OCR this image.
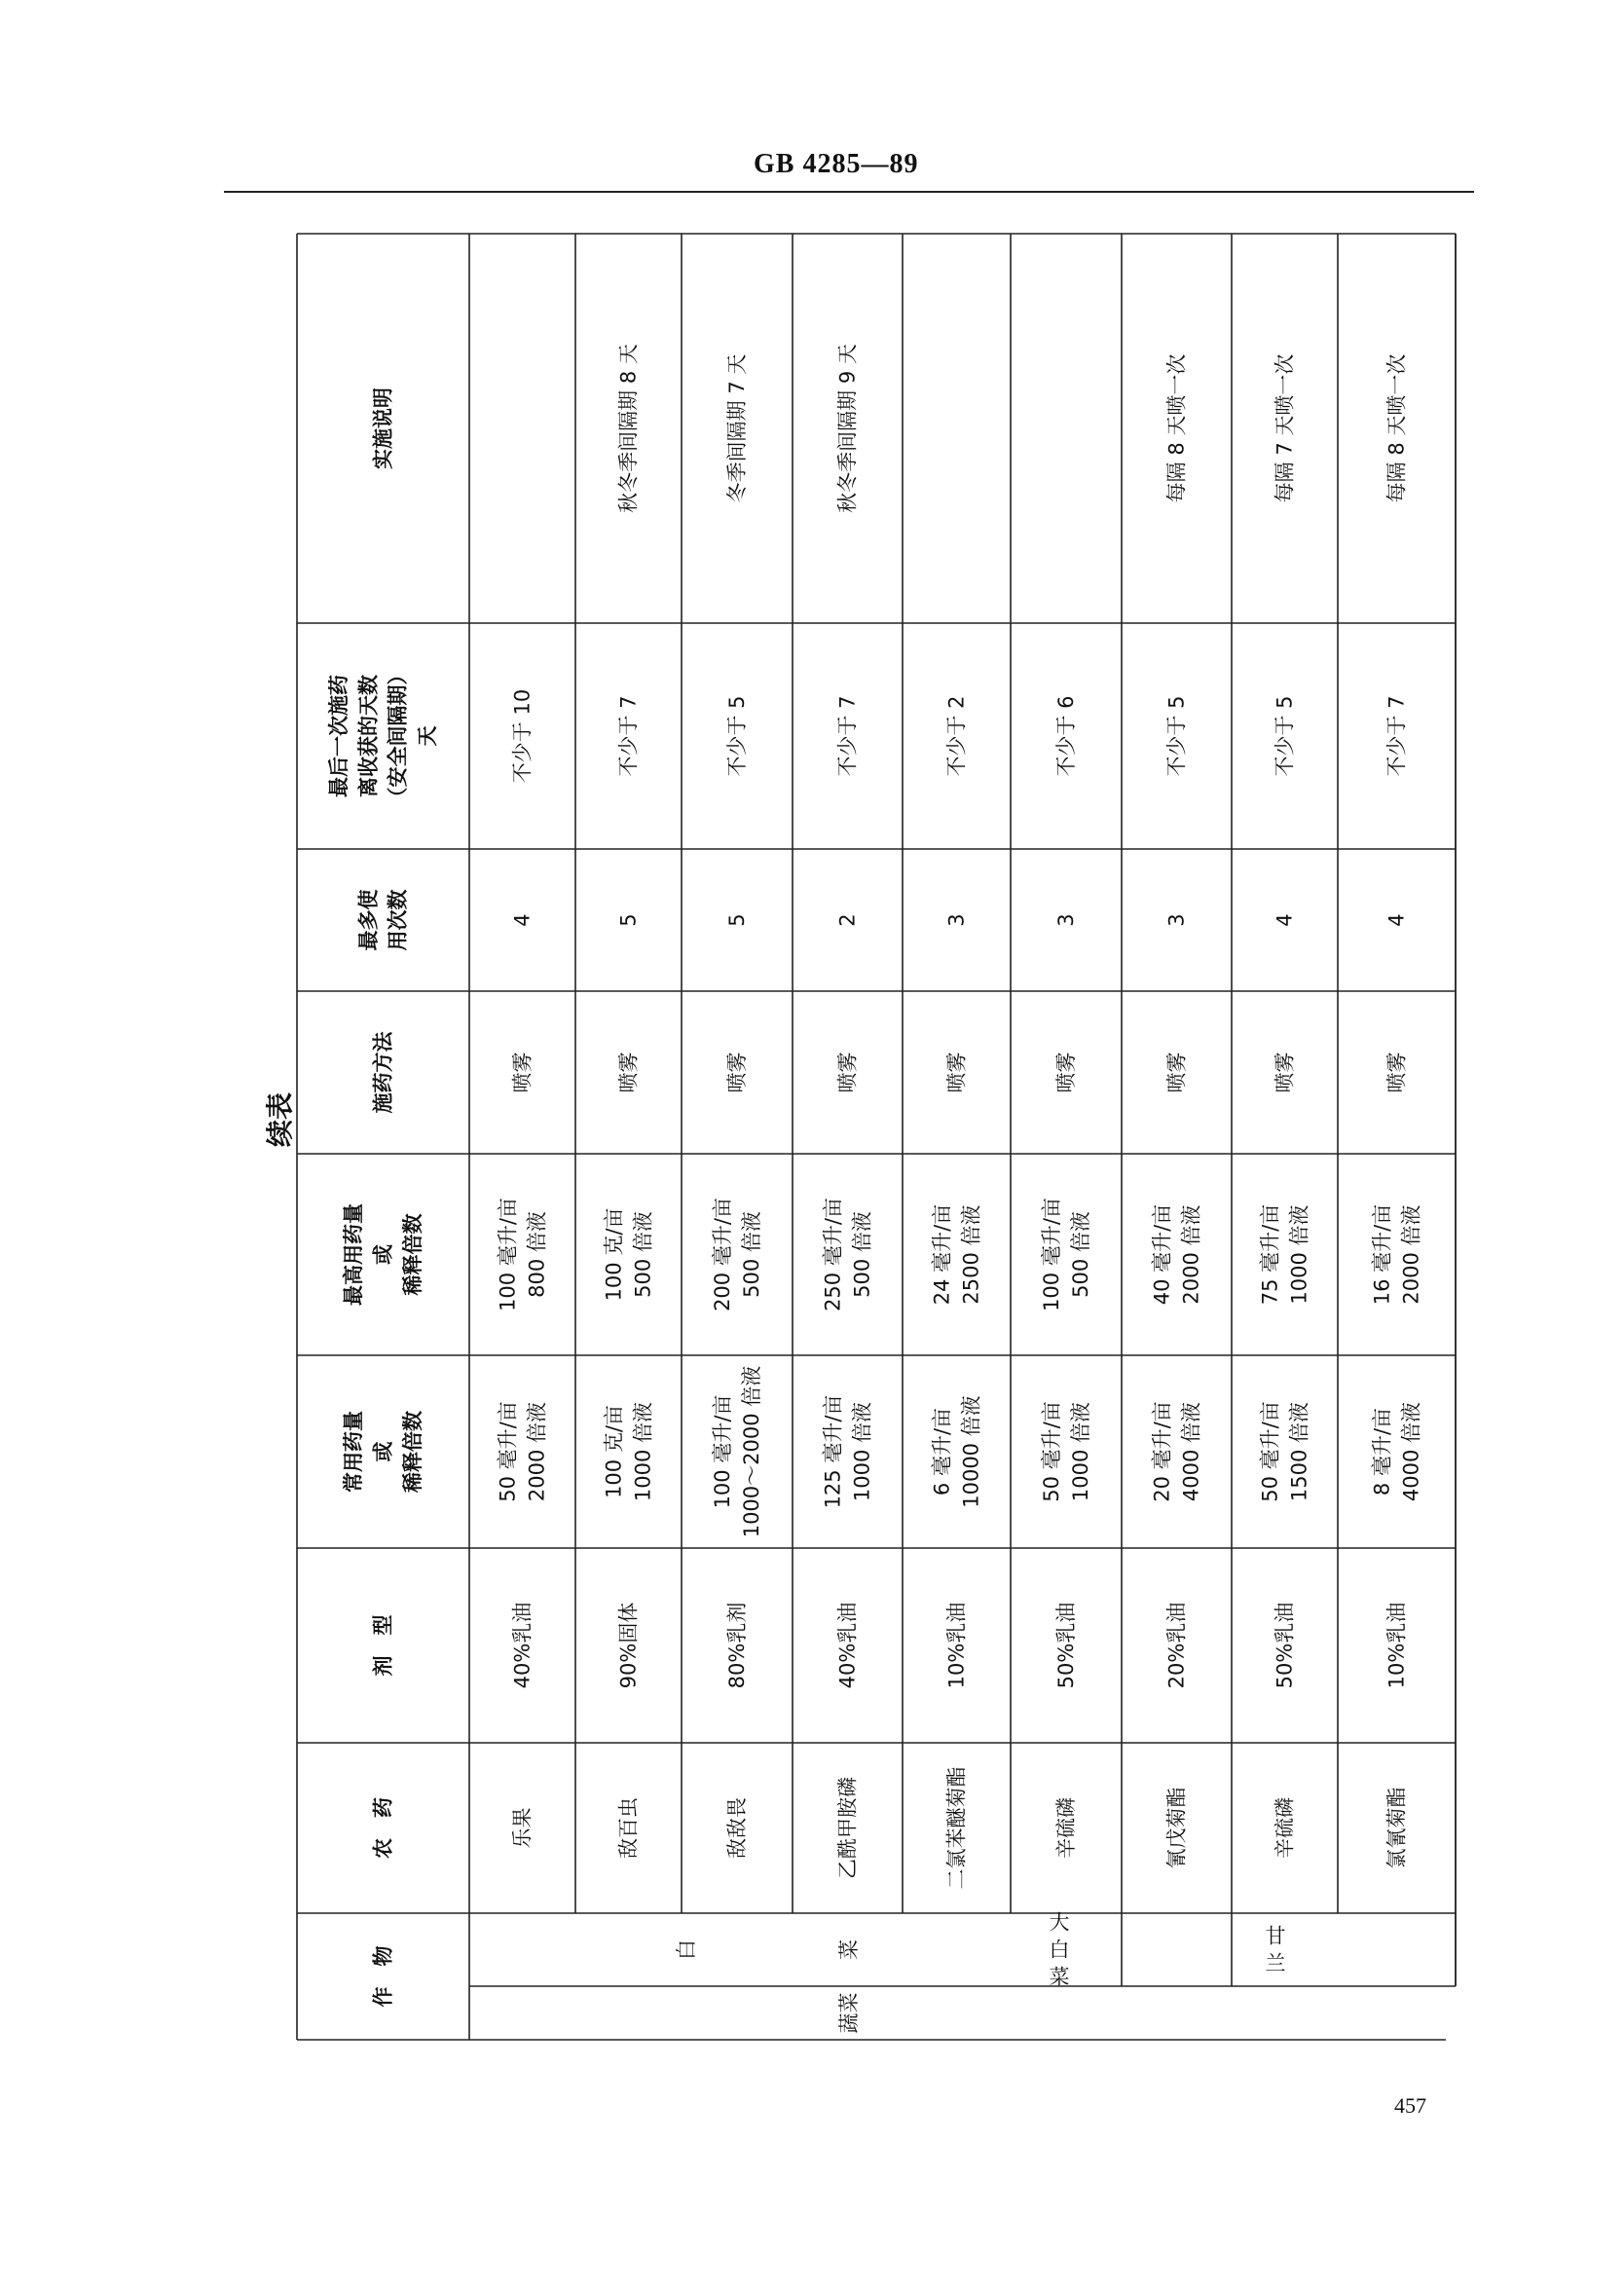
GB 4285—89
续表
实施说明
最后一次施药 离收获的天数 （安全间隔期） 天
最多使 用次数
施药方法
最高用药量 或 稀释倍数
常用药量 或 稀释倍数
剂　型
农　药
作　物
蔬菜
白	菜
大
白
菜
甘
兰
不少于 10
4
喷雾
100 毫升/亩 800 倍液
50 毫升/亩 2000 倍液
40%乳油
乐果
秋冬季间隔期 8 天
不少于 7
5
喷雾
100 克/亩 500 倍液
100 克/亩 1000 倍液
90%固体
敌百虫
冬季间隔期 7 天
不少于 5
5
喷雾
200 毫升/亩 500 倍液
100 毫升/亩 1000～2000 倍液
80%乳剂
敌敌畏
秋冬季间隔期 9 天
不少于 7
2
喷雾
250 毫升/亩 500 倍液
125 毫升/亩 1000 倍液
40%乳油
乙酰甲胺磷
不少于 2
3
喷雾
24 毫升/亩 2500 倍液
6 毫升/亩 10000 倍液
10%乳油
二氯苯醚菊酯
不少于 6
3
喷雾
100 毫升/亩 500 倍液
50 毫升/亩 1000 倍液
50%乳油
辛硫磷
每隔 8 天喷一次
不少于 5
3
喷雾
40 毫升/亩 2000 倍液
20 毫升/亩 4000 倍液
20%乳油
氰戊菊酯
每隔 7 天喷一次
不少于 5
4
喷雾
75 毫升/亩 1000 倍液
50 毫升/亩 1500 倍液
50%乳油
辛硫磷
每隔 8 天喷一次
不少于 7
4
喷雾
16 毫升/亩 2000 倍液
8 毫升/亩 4000 倍液
10%乳油
氯氰菊酯
457
